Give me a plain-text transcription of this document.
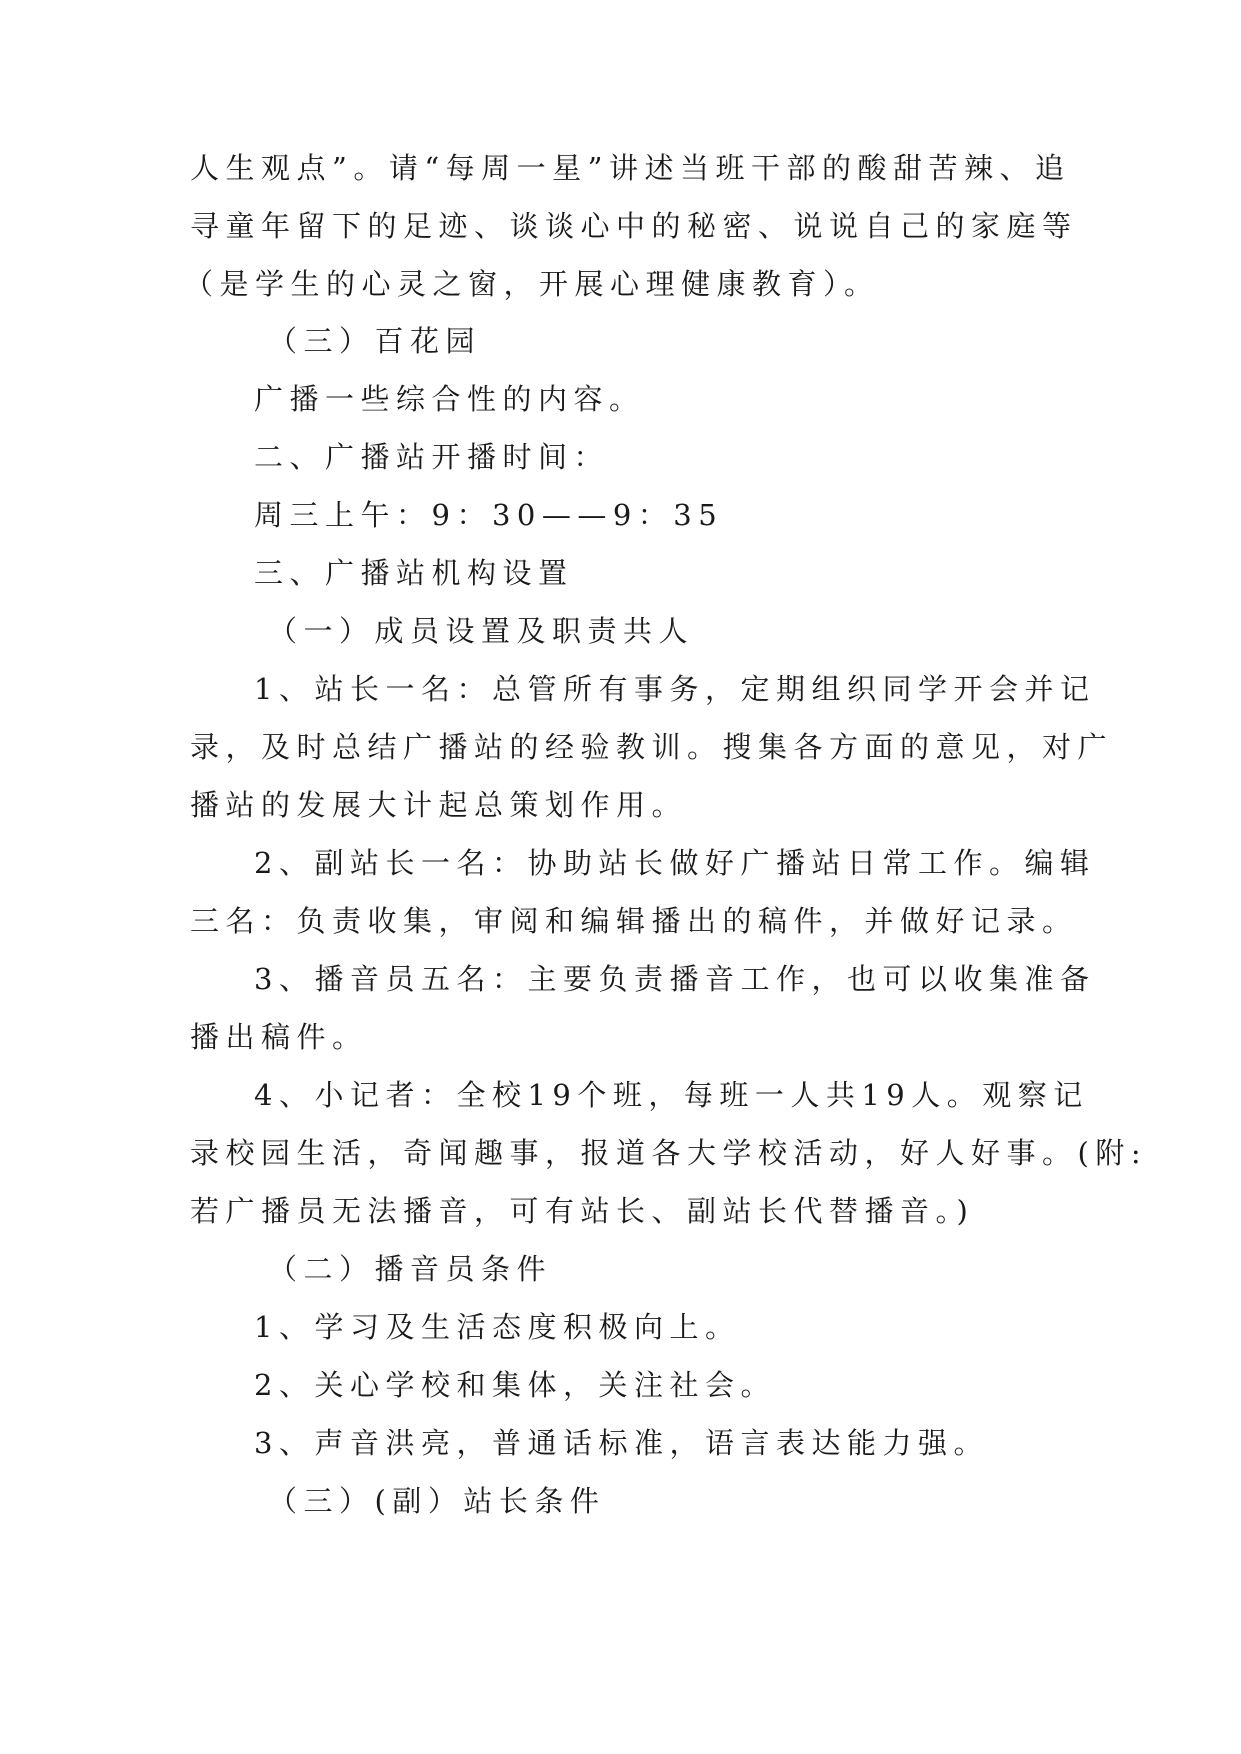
人生观点”。请“每周一星”讲述当班干部的酸甜苦辣、追
寻童年留下的足迹、谈谈心中的秘密、说说自己的家庭等
（是学生的心灵之窗，开展心理健康教育）。
（三）百花园
广播一些综合性的内容。
二、广播站开播时间：
周三上午：9：30——9：35
三、广播站机构设置
（一）成员设置及职责共人
1、站长一名：总管所有事务，定期组织同学开会并记
录，及时总结广播站的经验教训。搜集各方面的意见，对广
播站的发展大计起总策划作用。
2、副站长一名：协助站长做好广播站日常工作。编辑
三名：负责收集，审阅和编辑播出的稿件，并做好记录。
3、播音员五名：主要负责播音工作，也可以收集准备
播出稿件。
4、小记者：全校19个班，每班一人共19人。观察记
录校园生活，奇闻趣事，报道各大学校活动，好人好事。(附:
若广播员无法播音，可有站长、副站长代替播音。)
（二）播音员条件
1、学习及生活态度积极向上。
2、关心学校和集体，关注社会。
3、声音洪亮，普通话标准，语言表达能力强。
（三）(副）站长条件
